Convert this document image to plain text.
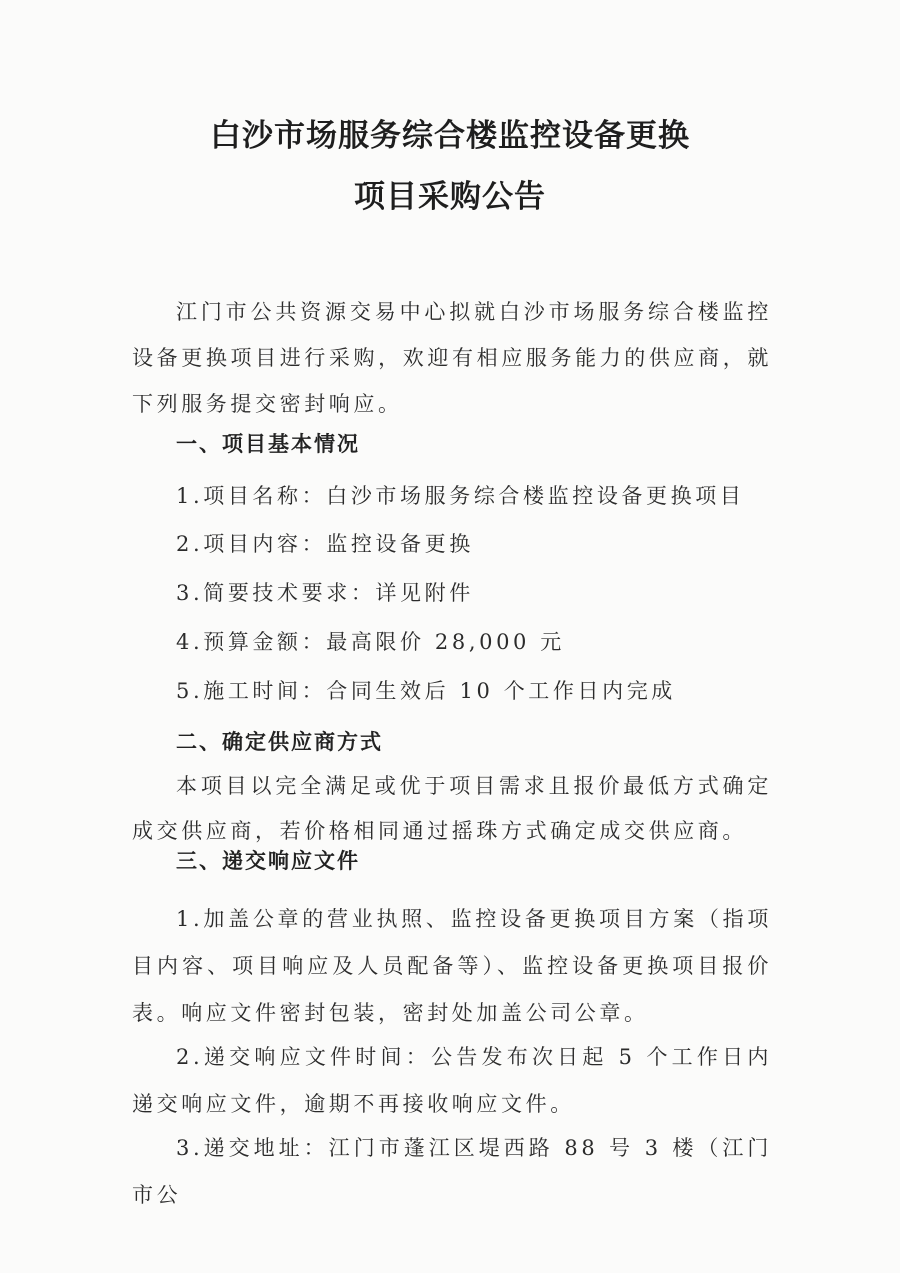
白沙市场服务综合楼监控设备更换
项目采购公告

江门市公共资源交易中心拟就白沙市场服务综合楼监控设备更换项目进行采购，欢迎有相应服务能力的供应商，就下列服务提交密封响应。

一、项目基本情况
1.项目名称：白沙市场服务综合楼监控设备更换项目
2.项目内容：监控设备更换
3.简要技术要求：详见附件
4.预算金额：最高限价 28,000 元
5.施工时间：合同生效后 10 个工作日内完成
二、确定供应商方式

本项目以完全满足或优于项目需求且报价最低方式确定成交供应商，若价格相同通过摇珠方式确定成交供应商。

三、递交响应文件

1.加盖公章的营业执照、监控设备更换项目方案（指项目内容、项目响应及人员配备等）、监控设备更换项目报价表。响应文件密封包装，密封处加盖公司公章。

2.递交响应文件时间：公告发布次日起 5 个工作日内递交响应文件，逾期不再接收响应文件。

3.递交地址：江门市蓬江区堤西路 88 号 3 楼（江门市公
